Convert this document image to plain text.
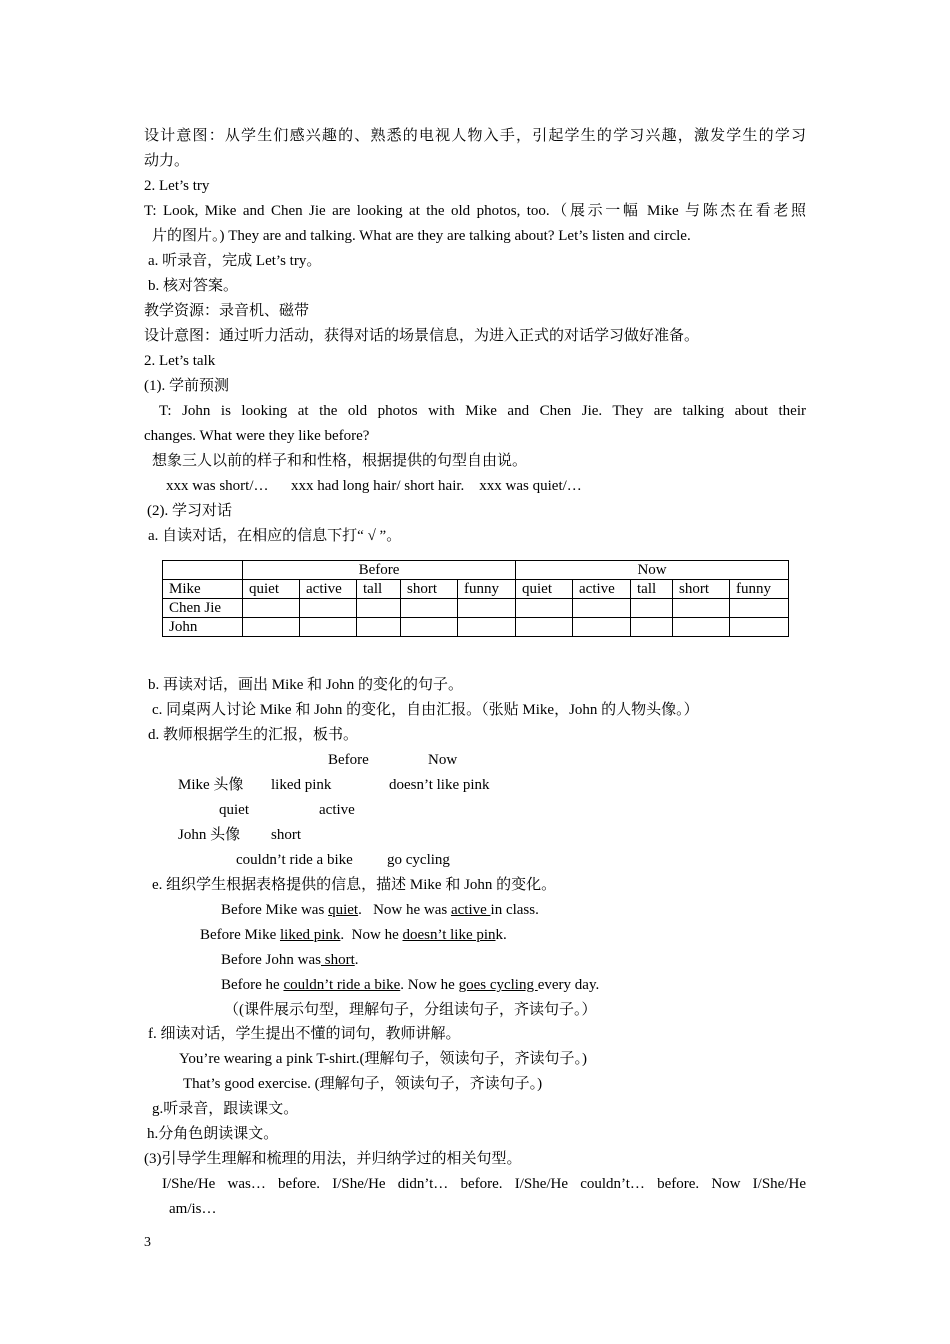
设计意图：从学生们感兴趣的、熟悉的电视人物入手，引起学生的学习兴趣，激发学生的学习
动力。
2. Let’s try
T: Look, Mike and Chen Jie are looking at the old photos, too.（展示一幅 Mike 与陈杰在看老照
片的图片。) They are and talking. What are they are talking about? Let’s listen and circle.
a. 听录音，完成 Let’s try。
b. 核对答案。
教学资源：录音机、磁带
设计意图：通过听力活动，获得对话的场景信息，为进入正式的对话学习做好准备。
2. Let’s talk
(1). 学前预测
T: John is looking at the old photos with Mike and Chen Jie. They are talking about their
changes. What were they like before?
想象三人以前的样子和和性格，根据提供的句型自由说。
xxx was short/…      xxx had long hair/ short hair.    xxx was quiet/…
(2). 学习对话
a. 自读对话，在相应的信息下打“ √ ”。
	Before					Now				
Mike	quiet	active	tall	short	funny	quiet	active	tall	short	funny
Chen Jie										
John										
b. 再读对话，画出 Mike 和 John 的变化的句子。
c. 同桌两人讨论 Mike 和 John 的变化，自由汇报。（张贴 Mike，John 的人物头像。）
d. 教师根据学生的汇报，板书。
Before	Now
Mike 头像 liked pink	doesn’t like pink
quiet	active
John 头像 short
couldn’t ride a bike go cycling
e. 组织学生根据表格提供的信息，描述 Mike 和 John 的变化。
Before Mike was quiet.   Now he was active in class.
Before Mike liked pink.  Now he doesn’t like pink.
Before John was short.
Before he couldn’t ride a bike. Now he goes cycling every day.
（(课件展示句型，理解句子，分组读句子，齐读句子。）
f. 细读对话，学生提出不懂的词句，教师讲解。
You’re wearing a pink T-shirt.(理解句子，领读句子，齐读句子。)
That’s good exercise. (理解句子，领读句子，齐读句子。)
g.听录音，跟读课文。
h.分角色朗读课文。
(3)引导学生理解和梳理的用法，并归纳学过的相关句型。
I/She/He was… before. I/She/He didn’t… before. I/She/He couldn’t… before. Now I/She/He
am/is…
3
